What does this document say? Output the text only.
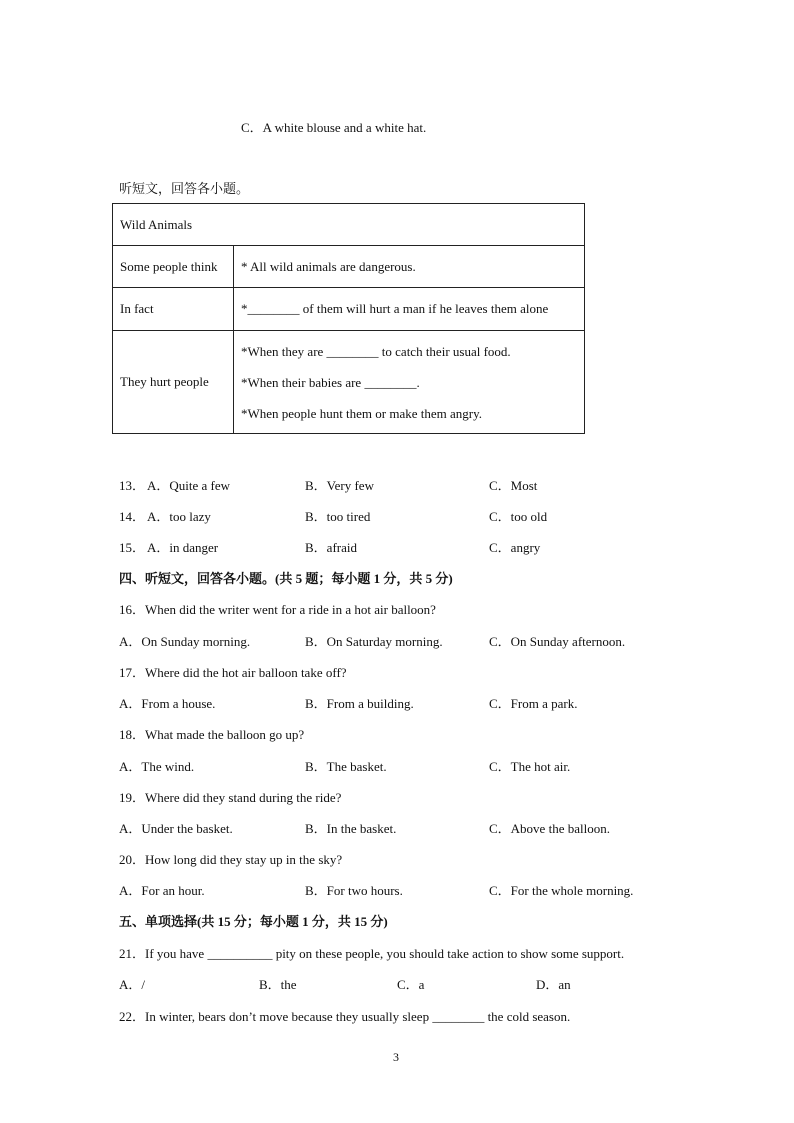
C．A white blouse and a white hat.
听短文，回答各小题。
Wild Animals	
Some people think	* All wild animals are dangerous.
In fact	*________ of them will hurt a man if he leaves them alone
They hurt people	*When they are ________ to catch their usual food.
*When their babies are ________.
*When people hunt them or make them angry.
13． A．Quite a few	B．Very few	C．Most
14． A．too lazy	B．too tired	C．too old
15． A．in danger	B．afraid	C．angry
四、听短文，回答各小题。(共 5 题；每小题 1 分，共 5 分)
16．When did the writer went for a ride in a hot air balloon?
A．On Sunday morning.	B．On Saturday morning.	C．On Sunday afternoon.
17．Where did the hot air balloon take off?
A．From a house.	B．From a building.	C．From a park.
18．What made the balloon go up?
A．The wind.	B．The basket.	C．The hot air.
19．Where did they stand during the ride?
A．Under the basket.	B．In the basket.	C．Above the balloon.
20．How long did they stay up in the sky?
A．For an hour.	B．For two hours.	C．For the whole morning.
五、单项选择(共 15 分；每小题 1 分，共 15 分)
21．If you have __________ pity on these people, you should take action to show some support.
A．/	B．the	C．a	D．an
22．In winter, bears don’t move because they usually sleep ________ the cold season.
3
